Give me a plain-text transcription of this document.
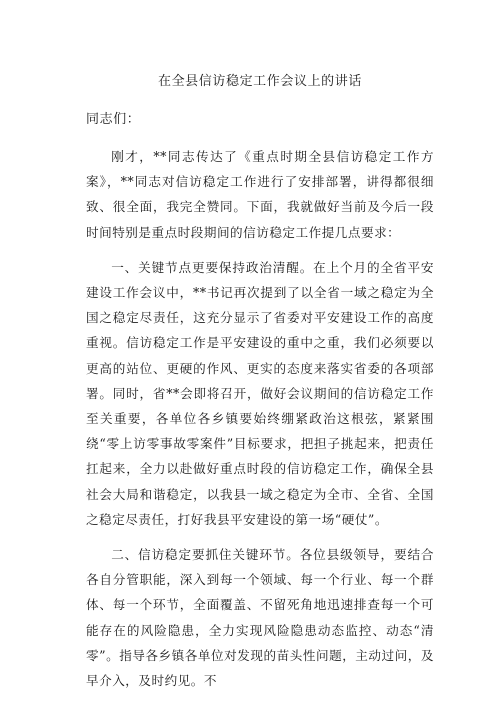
在全县信访稳定工作会议上的讲话

同志们：

刚才，**同志传达了《重点时期全县信访稳定工作方案》，**同志对信访稳定工作进行了安排部署，讲得都很细致、很全面，我完全赞同。下面，我就做好当前及今后一段时间特别是重点时段期间的信访稳定工作提几点要求：

一、关键节点更要保持政治清醒。在上个月的全省平安建设工作会议中，**书记再次提到了以全省一域之稳定为全国之稳定尽责任，这充分显示了省委对平安建设工作的高度重视。信访稳定工作是平安建设的重中之重，我们必须要以更高的站位、更硬的作风、更实的态度来落实省委的各项部署。同时，省**会即将召开，做好会议期间的信访稳定工作至关重要，各单位各乡镇要始终绷紧政治这根弦，紧紧围绕“零上访零事故零案件”目标要求，把担子挑起来，把责任扛起来，全力以赴做好重点时段的信访稳定工作，确保全县社会大局和谐稳定，以我县一域之稳定为全市、全省、全国之稳定尽责任，打好我县平安建设的第一场“硬仗”。

二、信访稳定要抓住关键环节。各位县级领导，要结合各自分管职能，深入到每一个领域、每一个行业、每一个群体、每一个环节，全面覆盖、不留死角地迅速排查每一个可能存在的风险隐患，全力实现风险隐患动态监控、动态“清零”。指导各乡镇各单位对发现的苗头性问题，主动过问，及早介入，及时约见。不
